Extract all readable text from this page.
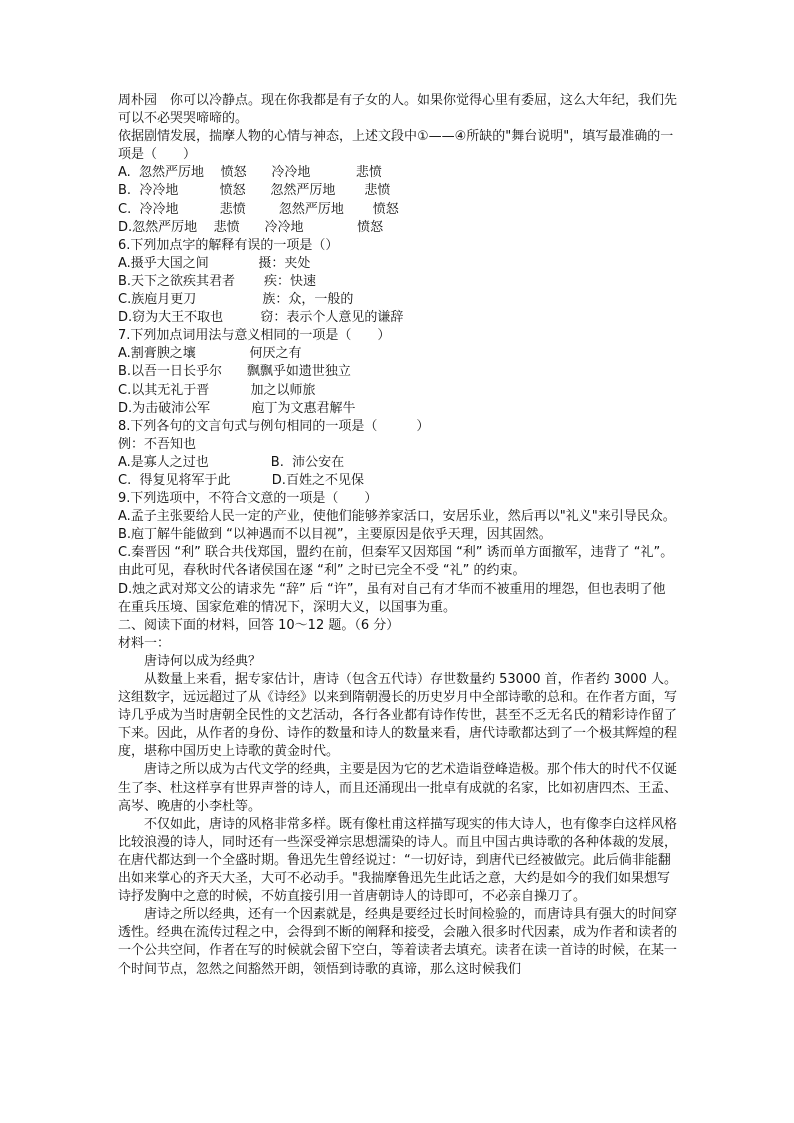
周朴园　你可以冷静点。现在你我都是有子女的人。如果你觉得心里有委屈，这么大年纪，我们先可以不必哭哭啼啼的。

依据剧情发展，揣摩人物的心情与神态，上述文段中①——④所缺的"舞台说明"，填写最准确的一项是（　　）

A.  忽然严厉地    愤怒      冷冷地           悲愤

B.  冷冷地          愤怒      忽然严厉地       悲愤

C.  冷冷地          悲愤        忽然严厉地       愤怒

D.忽然严厉地    悲愤      冷冷地             愤怒

6.下列加点字的解释有误的一项是（）

A.摄乎大国之间            摄：夹处

B.天下之欲疾其君者       疾：快速

C.族庖月更刀                族：众，一般的

D.窃为大王不取也         窃：表示个人意见的谦辞

7.下列加点词用法与意义相同的一项是（　　）

A.割膏腴之壤             何厌之有

B.以吾一日长乎尔      飘飘乎如遗世独立

C.以其无礼于晋          加之以师旅

D.为击破沛公军          庖丁为文惠君解牛

8.下列各句的文言句式与例句相同的一项是（　　　）

例：不吾知也

A.是寡人之过也               B.  沛公安在

C.  得复见将军于此          D.百姓之不见保

9.下列选项中，不符合文意的一项是（　　）

A.孟子主张要给人民一定的产业，使他们能够养家活口，安居乐业，然后再以"礼义"来引导民众。

B.庖丁解牛能做到 “以神遇而不以目视”，主要原因是依乎天理，因其固然。

C.秦晋因 “利” 联合共伐郑国，盟约在前，但秦军又因郑国 “利” 诱而单方面撤军，违背了 “礼”。由此可见，春秋时代各诸侯国在逐 “利” 之时已完全不受 “礼” 的约束。

D.烛之武对郑文公的请求先 “辞” 后 “许”，虽有对自己有才华而不被重用的埋怨，但也表明了他在重兵压境、国家危难的情况下，深明大义，以国事为重。

二、阅读下面的材料，回答 10～12 题。（6 分）

材料一：

唐诗何以成为经典？

从数量上来看，据专家估计，唐诗（包含五代诗）存世数量约 53000 首，作者约 3000 人。这组数字，远远超过了从《诗经》以来到隋朝漫长的历史岁月中全部诗歌的总和。在作者方面，写诗几乎成为当时唐朝全民性的文艺活动，各行各业都有诗作传世，甚至不乏无名氏的精彩诗作留了下来。因此，从作者的身份、诗作的数量和诗人的数量来看，唐代诗歌都达到了一个极其辉煌的程度，堪称中国历史上诗歌的黄金时代。

唐诗之所以成为古代文学的经典，主要是因为它的艺术造诣登峰造极。那个伟大的时代不仅诞生了李、杜这样享有世界声誉的诗人，而且还涌现出一批卓有成就的名家，比如初唐四杰、王孟、高岑、晚唐的小李杜等。

不仅如此，唐诗的风格非常多样。既有像杜甫这样描写现实的伟大诗人，也有像李白这样风格比较浪漫的诗人，同时还有一些深受禅宗思想濡染的诗人。而且中国古典诗歌的各种体裁的发展，在唐代都达到一个全盛时期。鲁迅先生曾经说过：“一切好诗，到唐代已经被做完。此后倘非能翻出如来掌心的齐天大圣，大可不必动手。"我揣摩鲁迅先生此话之意，大约是如今的我们如果想写诗抒发胸中之意的时候，不妨直接引用一首唐朝诗人的诗即可，不必亲自操刀了。

唐诗之所以经典，还有一个因素就是，经典是要经过长时间检验的，而唐诗具有强大的时间穿透性。经典在流传过程之中，会得到不断的阐释和接受，会融入很多时代因素，成为作者和读者的一个公共空间，作者在写的时候就会留下空白，等着读者去填充。读者在读一首诗的时候，在某一个时间节点，忽然之间豁然开朗，领悟到诗歌的真谛，那么这时候我们
